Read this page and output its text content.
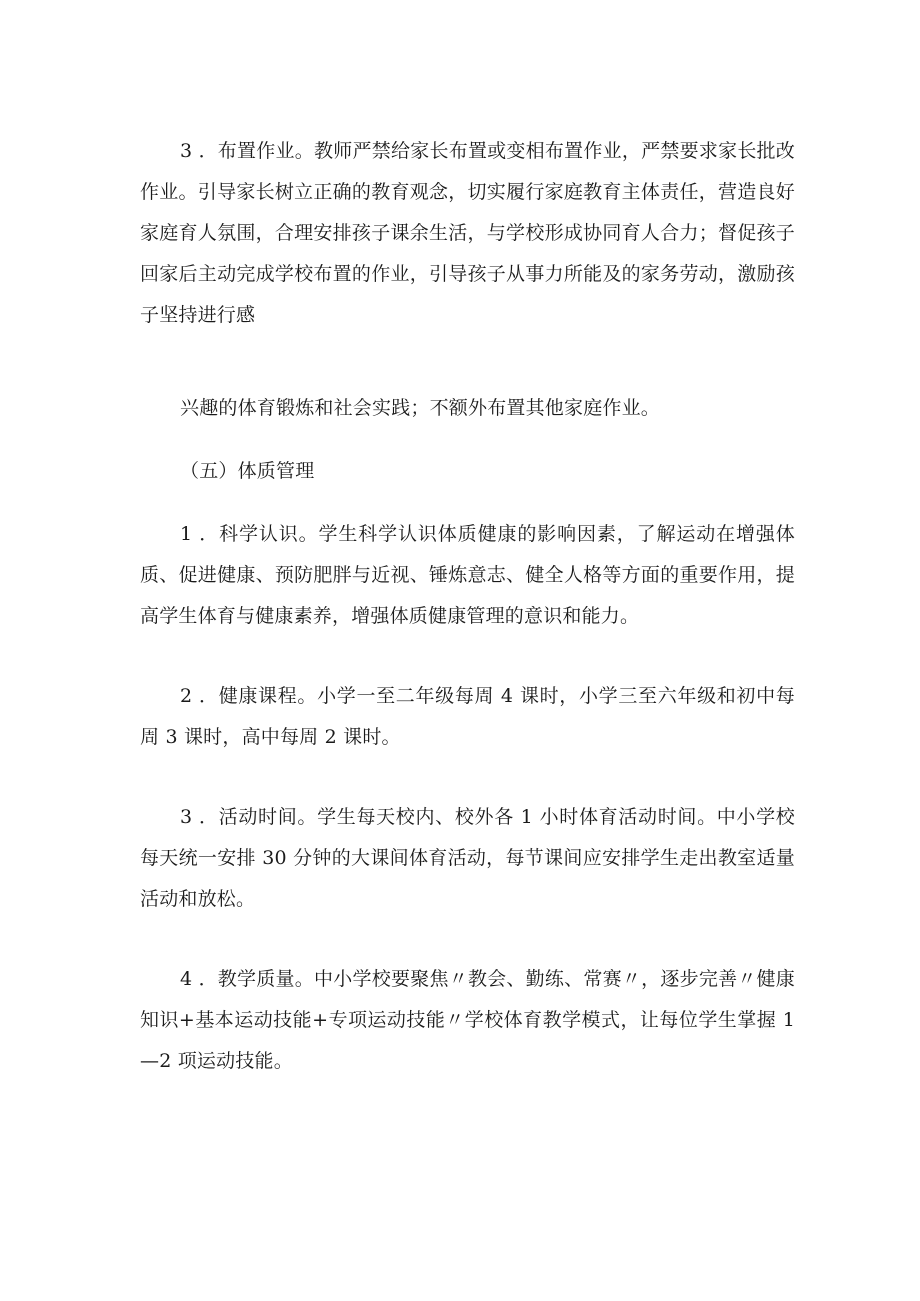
3 ．布置作业。教师严禁给家长布置或变相布置作业，严禁要求家长批改作业。引导家长树立正确的教育观念，切实履行家庭教育主体责任，营造良好家庭育人氛围，合理安排孩子课余生活，与学校形成协同育人合力；督促孩子回家后主动完成学校布置的作业，引导孩子从事力所能及的家务劳动，激励孩子坚持进行感

兴趣的体育锻炼和社会实践；不额外布置其他家庭作业。

（五）体质管理

1 ．科学认识。学生科学认识体质健康的影响因素，了解运动在增强体质、促进健康、预防肥胖与近视、锤炼意志、健全人格等方面的重要作用，提高学生体育与健康素养，增强体质健康管理的意识和能力。

2 ．健康课程。小学一至二年级每周 4 课时，小学三至六年级和初中每周 3 课时，高中每周 2 课时。

3 ．活动时间。学生每天校内、校外各 1 小时体育活动时间。中小学校每天统一安排 30 分钟的大课间体育活动，每节课间应安排学生走出教室适量活动和放松。

4 ．教学质量。中小学校要聚焦〃教会、勤练、常赛〃，逐步完善〃健康知识+基本运动技能+专项运动技能〃学校体育教学模式，让每位学生掌握 1—2 项运动技能。
